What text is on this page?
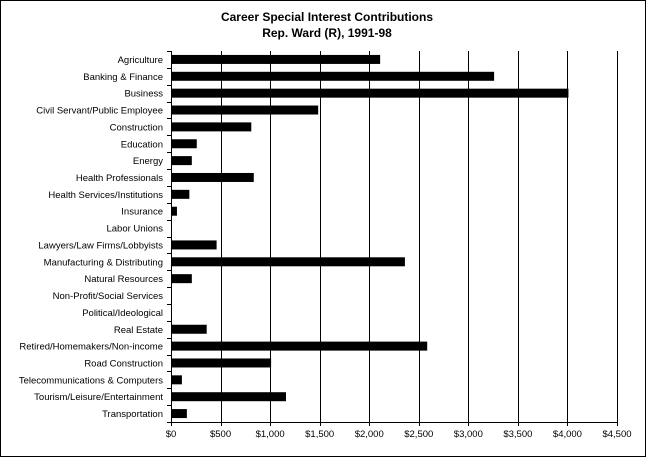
Career Special Interest Contributions
Rep. Ward (R), 1991-98
Agriculture
Banking & Finance
Business
Civil Servant/Public Employee
Construction
Education
Energy
Health Professionals
Health Services/Institutions
Insurance
Labor Unions
Lawyers/Law Firms/Lobbyists
Manufacturing & Distributing
Natural Resources
Non-Profit/Social Services
Political/Ideological
Real Estate
Retired/Homemakers/Non-income
Road Construction
Telecommunications & Computers
Tourism/Leisure/Entertainment
Transportation
$0	$500	$1,000 $1,500 $2,000 $2,500 $3,000 $3,500 $4,000 $4,500
